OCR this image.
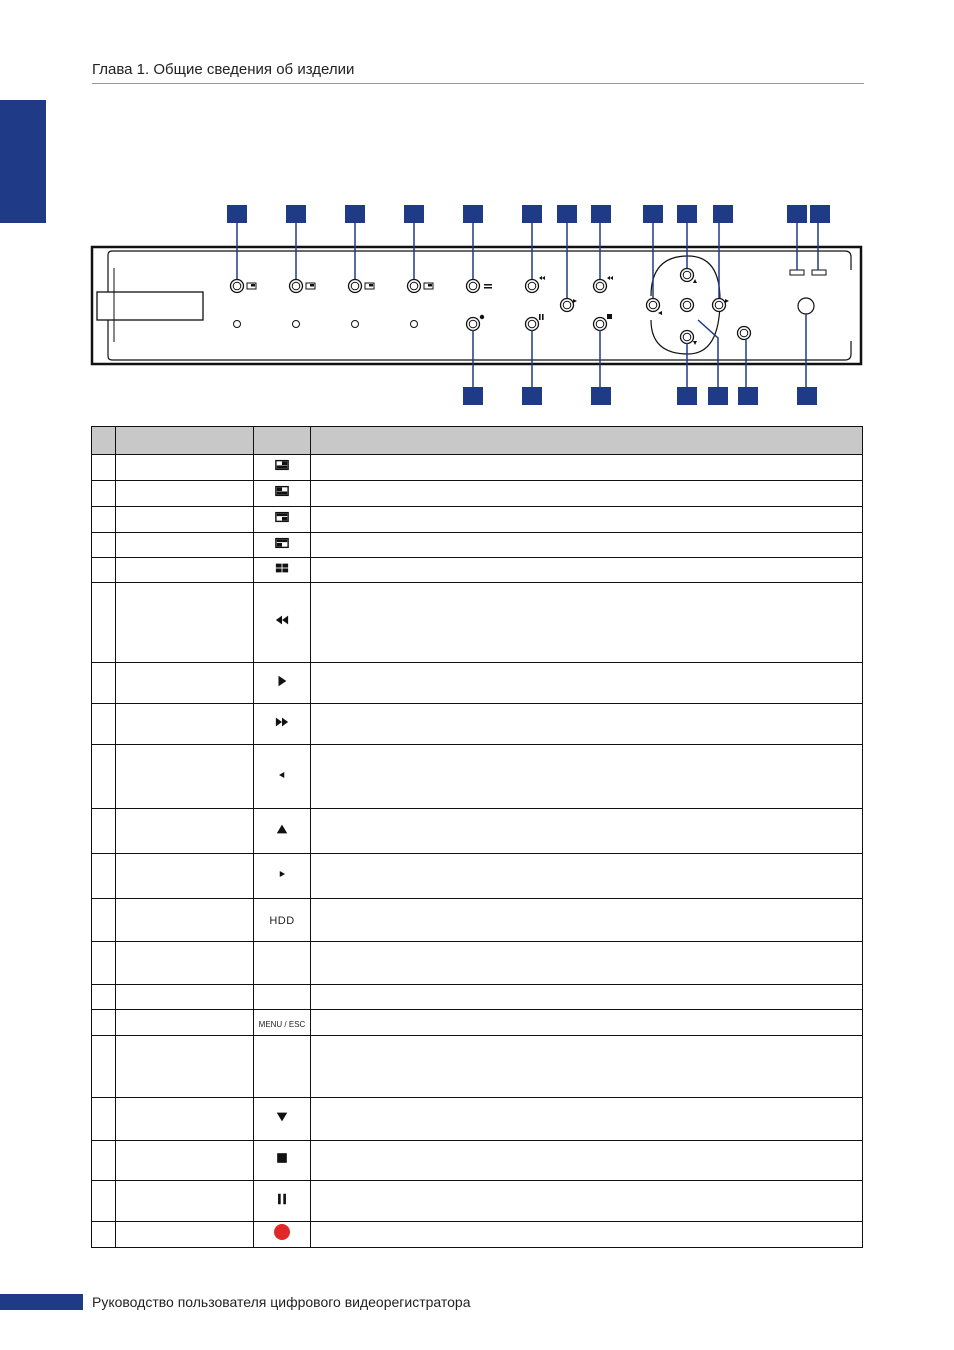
Глава 1. Общие сведения об изделии

		HDD	

		MENU / ESC	

Руководство пользователя цифрового видеорегистратора
